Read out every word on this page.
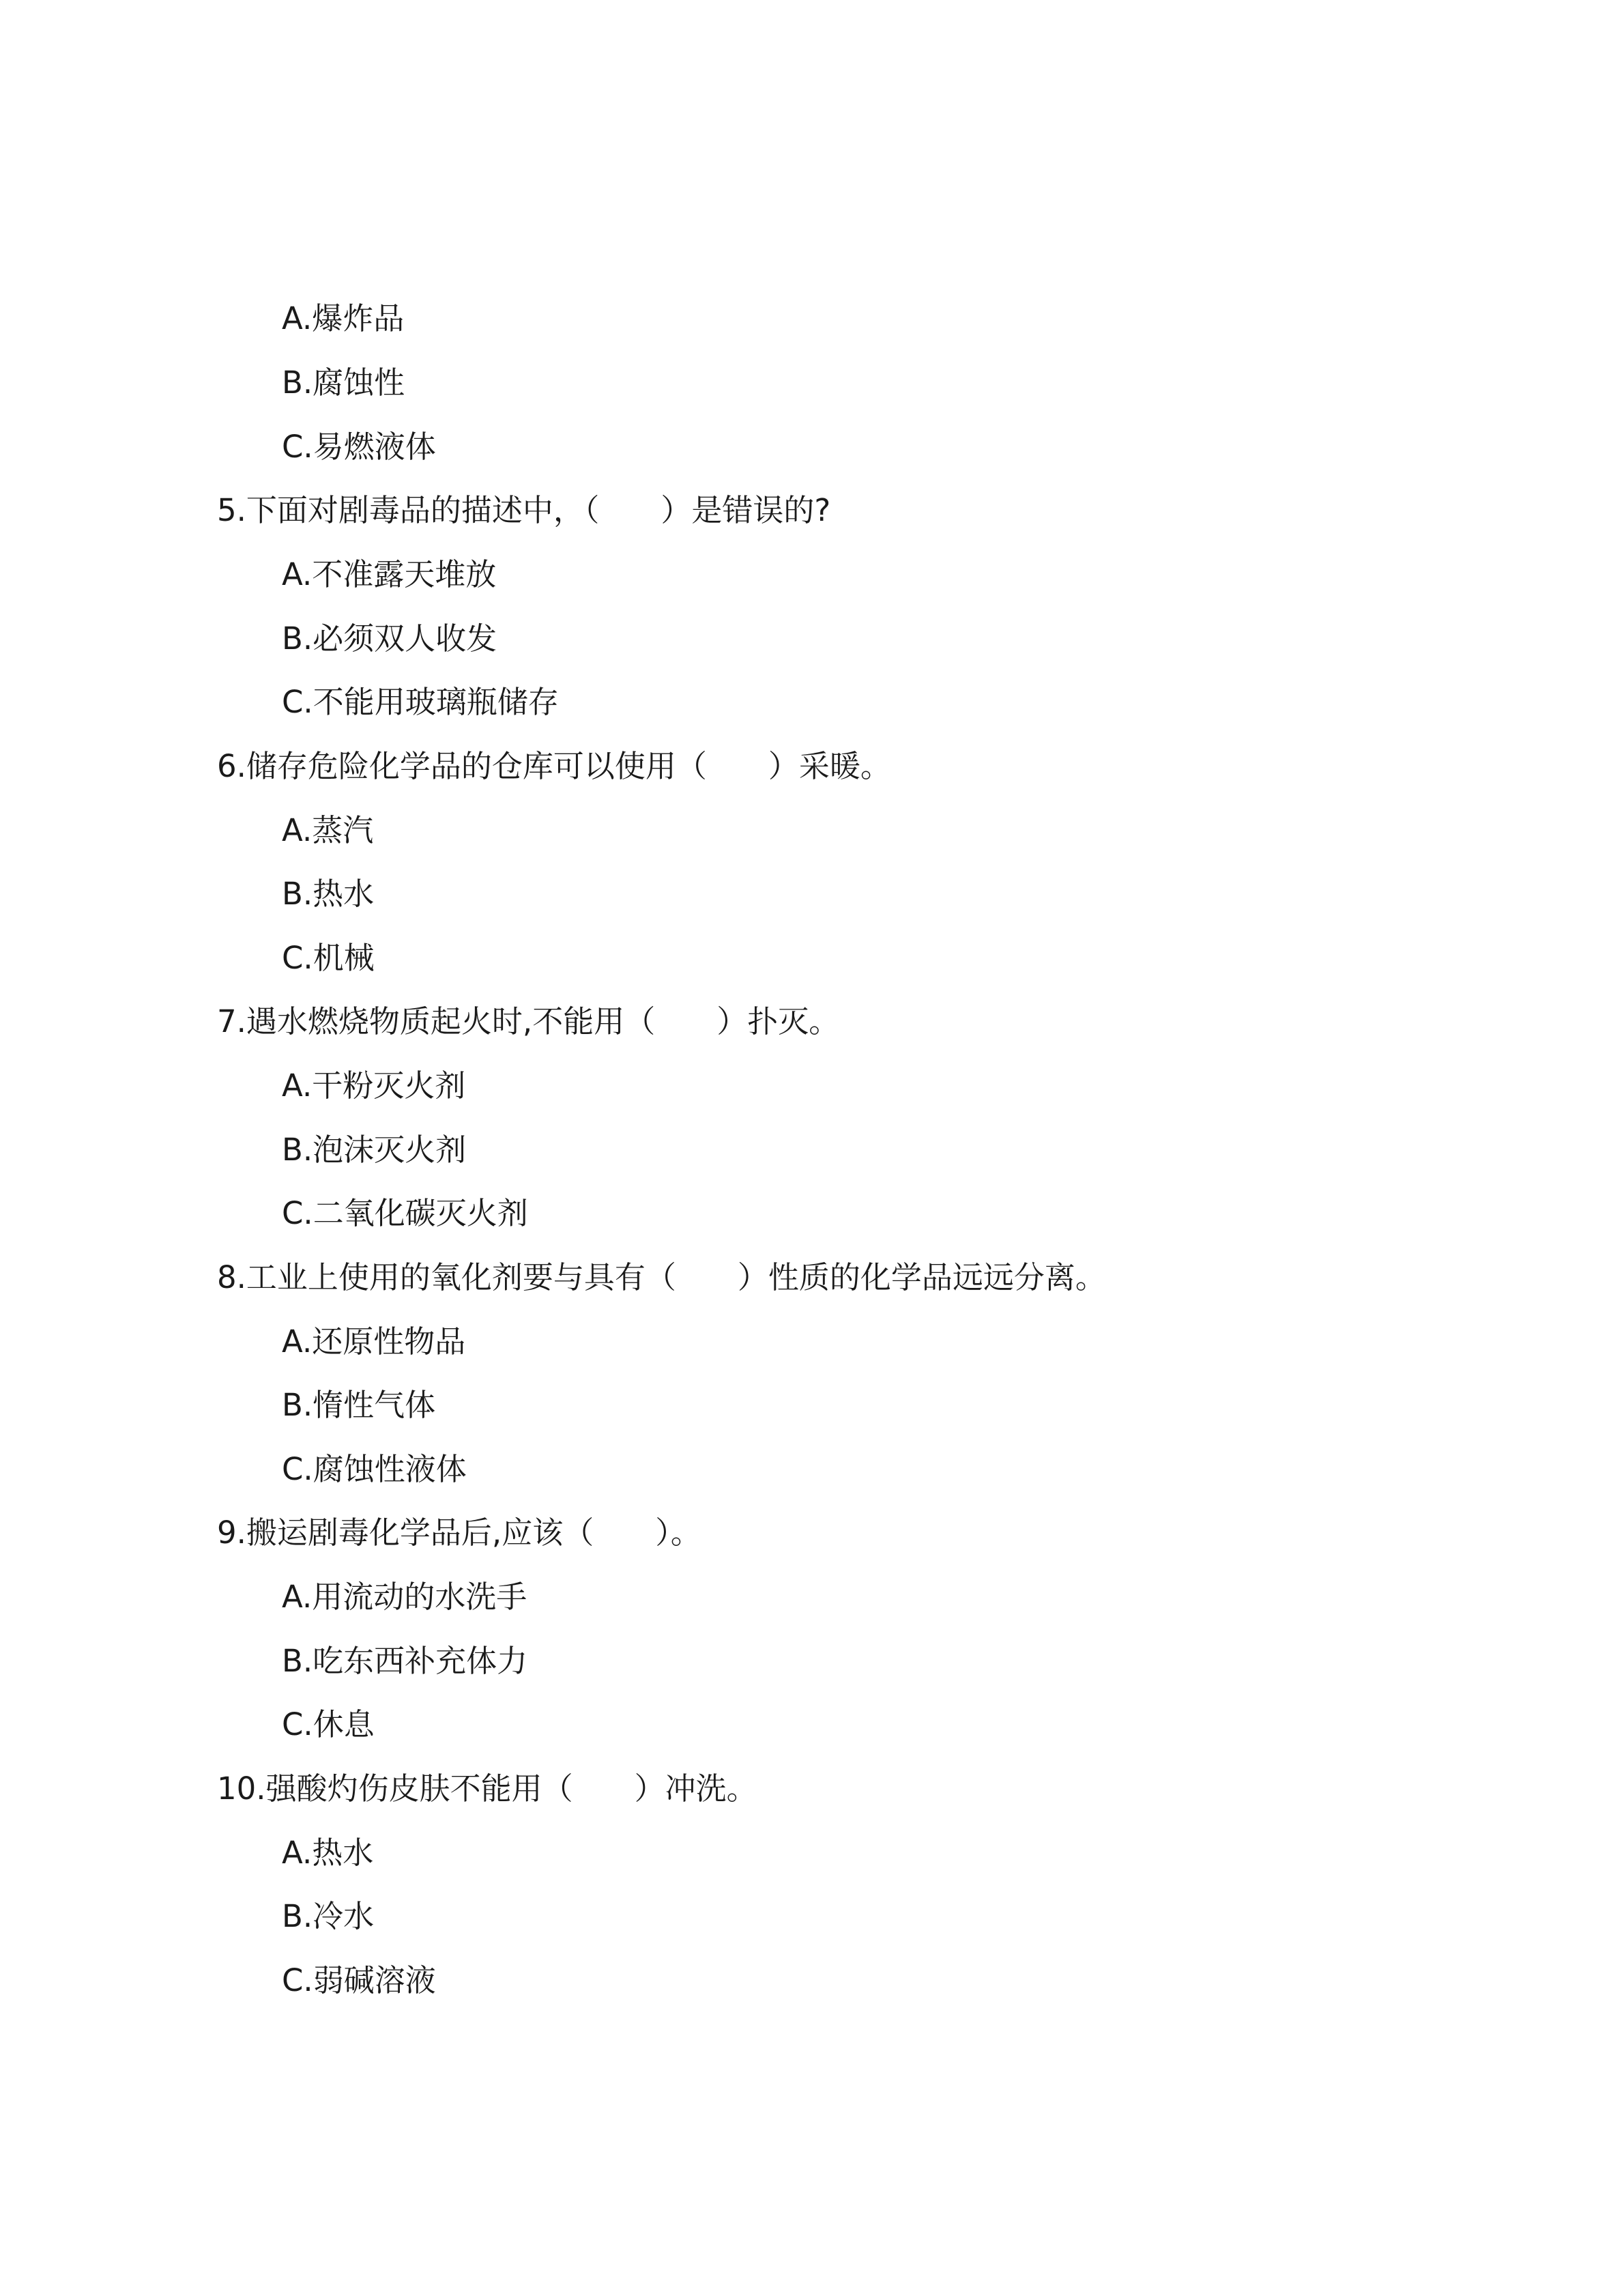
A.爆炸品
B.腐蚀性
C.易燃液体
5.下面对剧毒品的描述中，（　　）是错误的?
A.不准露天堆放
B.必须双人收发
C.不能用玻璃瓶储存
6.储存危险化学品的仓库可以使用（　　）采暖。
A.蒸汽
B.热水
C.机械
7.遇水燃烧物质起火时,不能用（　　）扑灭。
A.干粉灭火剂
B.泡沫灭火剂
C.二氧化碳灭火剂
8.工业上使用的氧化剂要与具有（　　）性质的化学品远远分离。
A.还原性物品
B.惰性气体
C.腐蚀性液体
9.搬运剧毒化学品后,应该（　　）。
A.用流动的水洗手
B.吃东西补充体力
C.休息
10.强酸灼伤皮肤不能用（　　）冲洗。
A.热水
B.冷水
C.弱碱溶液
